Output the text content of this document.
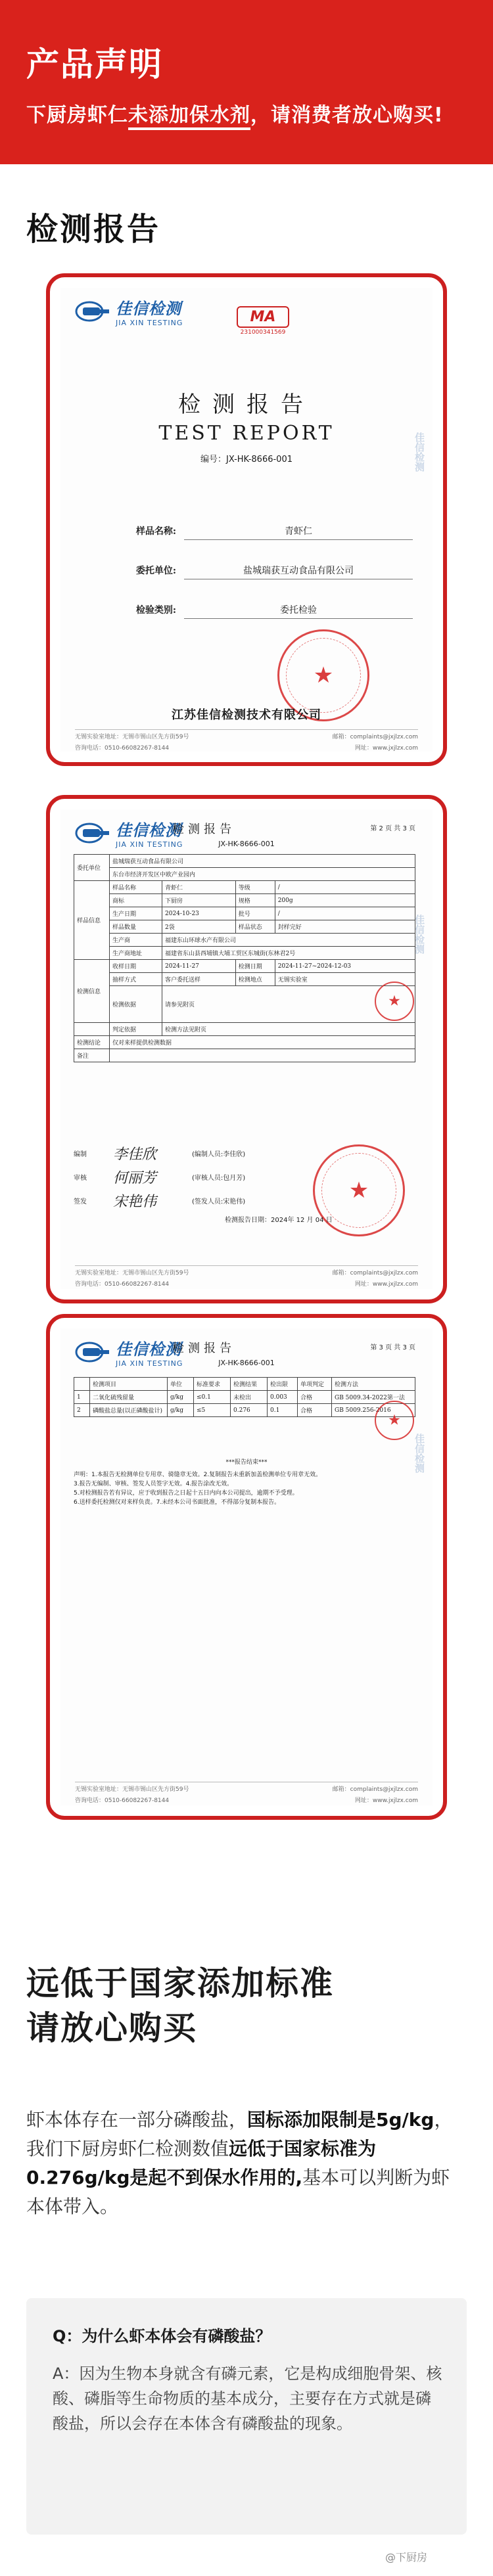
产品声明
下厨房虾仁未添加保水剂，请消费者放心购买!
检测报告
佳信检测
JIA XIN TESTING	MA
231000341569
佳信检测
检测报告
TEST REPORT
编号：JX-HK-8666-001
样品名称:	青虾仁
委托单位:	盐城瑞获互动食品有限公司
检验类别:	委托检验
★
江苏佳信检测技术有限公司
无锡实验室地址：无锡市锡山区先方街59号	邮箱：complaints@jxjlzx.com
咨询电话：0510-66082267-8144	网址：www.jxjlzx.com
佳信检测
JIA XIN TESTING
检测报告	第 2 页 共 3 页
JX-HK-8666-001
佳信检测
委托单位	盐城瑞获互动食品有限公司			
	东台市经济开发区中欧产业园内			
样品信息	样品名称	青虾仁	等级	/
	商标	下厨房	规格	200g
	生产日期	2024-10-23	批号	/
	样品数量	2袋	样品状态	封样完好
	生产商	福建东山环球水产有限公司		
	生产商地址	福建省东山县西埔镇大埔工贸区东城街(东林君2号		
检测信息	收样日期	2024-11-27	检测日期	2024-11-27~2024-12-03
	抽样方式	客户委托送样	检测地点	无锡实验室
	检测依据	请参见附页		
	判定依据	检测方法见附页		
检测结论	仅对来样提供检测数据			
备注				
★
编制	李佳欣	(编制人员:李佳欣)
审核	何丽芳	(审核人员:包月芳)
签发	宋艳伟	(签发人员:宋艳伟)	★
检测报告日期：2024年 12 月 04 日
无锡实验室地址：无锡市锡山区先方街59号	邮箱：complaints@jxjlzx.com
咨询电话：0510-66082267-8144	网址：www.jxjlzx.com
佳信检测
JIA XIN TESTING
检测报告	第 3 页 共 3 页
JX-HK-8666-001
佳信检测
	检测项目	单位	标准要求	检测结果	检出限	单项判定	检测方法
1	二氧化硫残留量	g/kg	≤0.1	未检出	0.003	合格	GB 5009.34-2022第一法
2	磷酸盐总量(以正磷酸盐计)	g/kg	≤5	0.276	0.1	合格	GB 5009.256-2016
★
***报告结束***
声明：1.本报告无检测单位专用章、骑缝章无效。2.复制报告未重新加盖检测单位专用章无效。
3.报告无编制、审核、签发人员签字无效。4.报告涂改无效。
5.对检测报告若有异议，应于收到报告之日起十五日内向本公司提出，逾期不予受理。
6.送样委托检测仅对来样负责。7.未经本公司书面批准，不得部分复制本报告。
无锡实验室地址：无锡市锡山区先方街59号	邮箱：complaints@jxjlzx.com
咨询电话：0510-66082267-8144	网址：www.jxjlzx.com
远低于国家添加标准
请放心购买
虾本体存在一部分磷酸盐，国标添加限制是5g/kg，我们下厨房虾仁检测数值远低于国家标准为0.276g/kg是起不到保水作用的,基本可以判断为虾本体带入。
Q：为什么虾本体会有磷酸盐？
A：因为生物本身就含有磷元素，它是构成细胞骨架、核酸、磷脂等生命物质的基本成分，主要存在方式就是磷酸盐，所以会存在本体含有磷酸盐的现象。
@下厨房
